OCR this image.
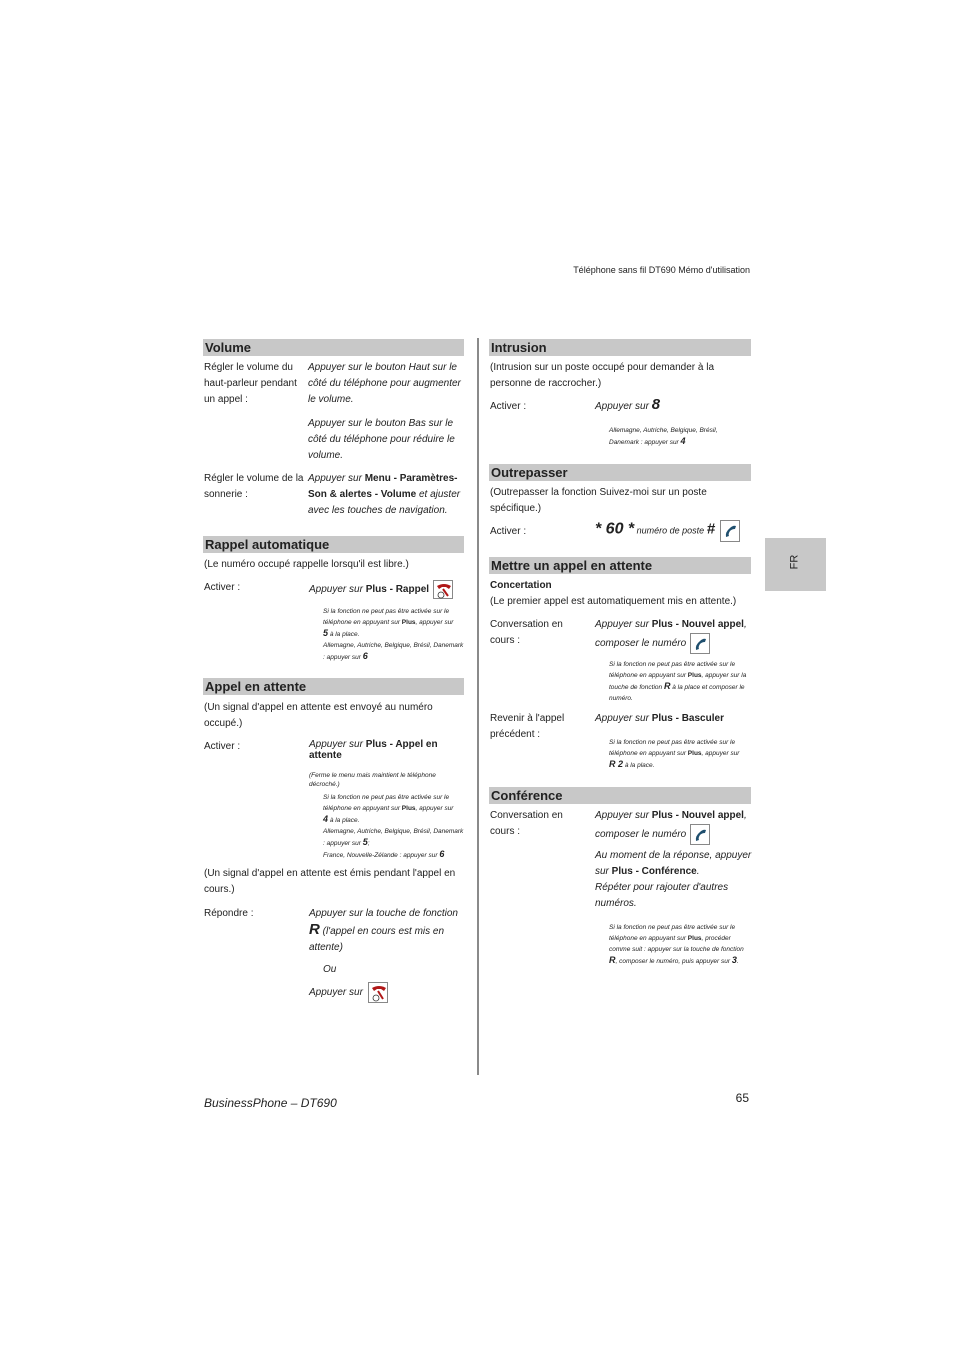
Téléphone sans fil DT690 Mémo d'utilisation
FR
Volume
Régler le volume du haut-parleur pendant un appel :
Appuyer sur le bouton Haut sur le côté du téléphone pour augmenter le volume.
Appuyer sur le bouton Bas sur le côté du téléphone pour réduire le volume.
Régler le volume de la sonnerie :
Appuyer sur Menu - Paramètres-Son & alertes - Volume et ajuster avec les touches de navigation.
Rappel automatique
(Le numéro occupé rappelle lorsqu'il est libre.)
Activer :	Appuyer sur Plus - Rappel
Si la fonction ne peut pas être activée sur le téléphone en appuyant sur Plus, appuyer sur
5 à la place.
Allemagne, Autriche, Belgique, Brésil, Danemark : appuyer sur 6
Appel en attente
(Un signal d'appel en attente est envoyé au numéro occupé.)
Activer :	Appuyer sur Plus - Appel en attente
(Ferme le menu mais maintient le téléphone décroché.)
Si la fonction ne peut pas être activée sur le téléphone en appuyant sur Plus, appuyer sur
4 à la place.
Allemagne, Autriche, Belgique, Brésil, Danemark : appuyer sur 5;
France, Nouvelle-Zélande : appuyer sur 6
(Un signal d'appel en attente est émis pendant l'appel en cours.)
Répondre :	Appuyer sur la touche de fonction
R (l'appel en cours est mis en attente)
Ou
Appuyer sur
Intrusion
(Intrusion sur un poste occupé pour demander à la personne de raccrocher.)
Activer :	Appuyer sur 8
Allemagne, Autriche, Belgique, Brésil, Danemark : appuyer sur 4
Outrepasser
(Outrepasser la fonction Suivez-moi sur un poste spécifique.)
Activer :	* 60 * numéro de poste #
Mettre un appel en attente
Concertation
(Le premier appel est automatiquement mis en attente.)
Conversation en cours :
Appuyer sur Plus - Nouvel appel, composer le numéro
Si la fonction ne peut pas être activée sur le téléphone en appuyant sur Plus, appuyer sur la touche de fonction R à la place et composer le numéro.
Revenir à l'appel précédent :
Appuyer sur Plus - Basculer
Si la fonction ne peut pas être activée sur le téléphone en appuyant sur Plus, appuyer sur
R 2 à la place.
Conférence
Conversation en cours :
Appuyer sur Plus - Nouvel appel, composer le numéro
Au moment de la réponse, appuyer sur Plus - Conférence.
Répéter pour rajouter d'autres numéros.
Si la fonction ne peut pas être activée sur le téléphone en appuyant sur Plus, procéder comme suit : appuyer sur la touche de fonction R, composer le numéro, puis appuyer sur 3.
BusinessPhone – DT690	65
